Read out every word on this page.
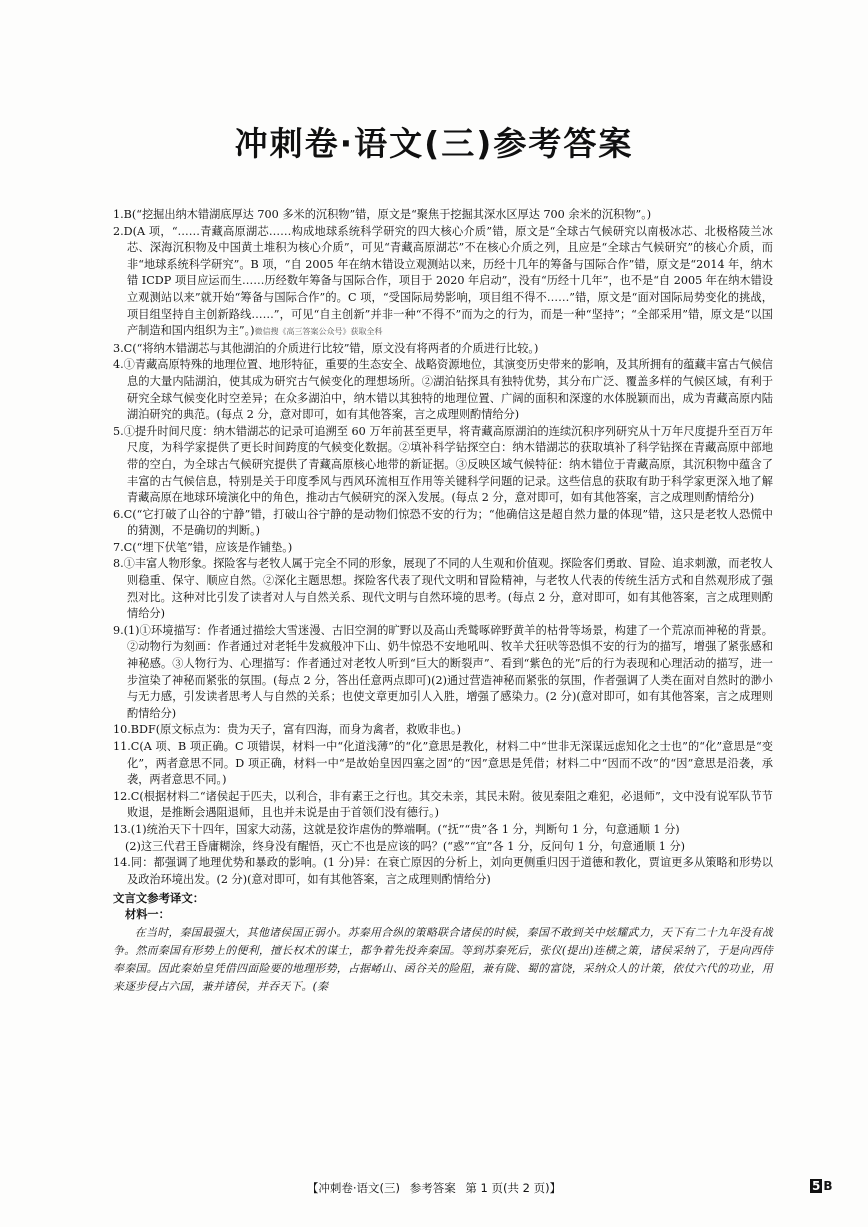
冲刺卷·语文(三)参考答案

1.B(“挖掘出纳木错湖底厚达 700 多米的沉积物”错，原文是“聚焦于挖掘其深水区厚达 700 余米的沉积物”。)

2.D(A 项，“……青藏高原湖芯……构成地球系统科学研究的四大核心介质”错，原文是“全球古气候研究以南极冰芯、北极格陵兰冰芯、深海沉积物及中国黄土堆积为核心介质”，可见“青藏高原湖芯”不在核心介质之列，且应是“全球古气候研究”的核心介质，而非“地球系统科学研究”。B 项，“自 2005 年在纳木错设立观测站以来，历经十几年的筹备与国际合作”错，原文是“2014 年，纳木错 ICDP 项目应运而生……历经数年筹备与国际合作，项目于 2020 年启动”，没有“历经十几年”，也不是“自 2005 年在纳木错设立观测站以来”就开始“筹备与国际合作”的。C 项，“受国际局势影响，项目组不得不……”错，原文是“面对国际局势变化的挑战，项目组坚持自主创新路线……”，可见“自主创新”并非一种“不得不”而为之的行为，而是一种“坚持”；“全部采用”错，原文是“以国产制造和国内组织为主”。)微信搜《高三答案公众号》获取全科

3.C(“将纳木错湖芯与其他湖泊的介质进行比较”错，原文没有将两者的介质进行比较。)

4.①青藏高原特殊的地理位置、地形特征，重要的生态安全、战略资源地位，其演变历史带来的影响，及其所拥有的蕴藏丰富古气候信息的大量内陆湖泊，使其成为研究古气候变化的理想场所。②湖泊钻探具有独特优势，其分布广泛、覆盖多样的气候区域，有利于研究全球气候变化时空差异；在众多湖泊中，纳木错以其独特的地理位置、广阔的面积和深邃的水体脱颖而出，成为青藏高原内陆湖泊研究的典范。(每点 2 分，意对即可，如有其他答案，言之成理则酌情给分)

5.①提升时间尺度：纳木错湖芯的记录可追溯至 60 万年前甚至更早，将青藏高原湖泊的连续沉积序列研究从十万年尺度提升至百万年尺度，为科学家提供了更长时间跨度的气候变化数据。②填补科学钻探空白：纳木错湖芯的获取填补了科学钻探在青藏高原中部地带的空白，为全球古气候研究提供了青藏高原核心地带的新证据。③反映区域气候特征：纳木错位于青藏高原，其沉积物中蕴含了丰富的古气候信息，特别是关于印度季风与西风环流相互作用等关键科学问题的记录。这些信息的获取有助于科学家更深入地了解青藏高原在地球环境演化中的角色，推动古气候研究的深入发展。(每点 2 分，意对即可，如有其他答案，言之成理则酌情给分)

6.C(“它打破了山谷的宁静”错，打破山谷宁静的是动物们惊恐不安的行为；“他确信这是超自然力量的体现”错，这只是老牧人恐慌中的猜测，不是确切的判断。)

7.C(“埋下伏笔”错，应该是作铺垫。)

8.①丰富人物形象。探险客与老牧人属于完全不同的形象，展现了不同的人生观和价值观。探险客们勇敢、冒险、追求刺激，而老牧人则稳重、保守、顺应自然。②深化主题思想。探险客代表了现代文明和冒险精神，与老牧人代表的传统生活方式和自然观形成了强烈对比。这种对比引发了读者对人与自然关系、现代文明与自然环境的思考。(每点 2 分，意对即可，如有其他答案，言之成理则酌情给分)

9.(1)①环境描写：作者通过描绘大雪迷漫、古旧空洞的旷野以及高山秃鹫啄碎野黄羊的枯骨等场景，构建了一个荒凉而神秘的背景。②动物行为刻画：作者通过对老牦牛发疯般冲下山、奶牛惊恐不安地吼叫、牧羊犬狂吠等恐惧不安的行为的描写，增强了紧张感和神秘感。③人物行为、心理描写：作者通过对老牧人听到“巨大的断裂声”、看到“紫色的光”后的行为表现和心理活动的描写，进一步渲染了神秘而紧张的氛围。(每点 2 分，答出任意两点即可)(2)通过营造神秘而紧张的氛围，作者强调了人类在面对自然时的渺小与无力感，引发读者思考人与自然的关系；也使文章更加引人入胜，增强了感染力。(2 分)(意对即可，如有其他答案，言之成理则酌情给分)

10.BDF(原文标点为：贵为天子，富有四海，而身为禽者，救败非也。)

11.C(A 项、B 项正确。C 项错误，材料一中“化道浅薄”的“化”意思是教化，材料二中“世非无深谋远虑知化之士也”的“化”意思是“变化”，两者意思不同。D 项正确，材料一中“是故始皇因四塞之固”的“因”意思是凭借；材料二中“因而不改”的“因”意思是沿袭，承袭，两者意思不同。)

12.C(根据材料二“诸侯起于匹夫，以利合，非有素王之行也。其交未亲，其民未附。彼见秦阻之难犯，必退师”，文中没有说军队节节败退，是推断会遇阻退师，且也并未说是由于首领们没有德行。)

13.(1)统治天下十四年，国家大动荡，这就是狡诈虐伪的弊端啊。(“抚”“贵”各 1 分，判断句 1 分，句意通顺 1 分)

(2)这三代君王昏庸糊涂，终身没有醒悟，灭亡不也是应该的吗？(“惑”“宜”各 1 分，反问句 1 分，句意通顺 1 分)

14.同：都强调了地理优势和暴政的影响。(1 分)异：在衰亡原因的分析上，刘向更侧重归因于道德和教化，贾谊更多从策略和形势以及政治环境出发。(2 分)(意对即可，如有其他答案，言之成理则酌情给分)

文言文参考译文：

材料一：

在当时，秦国最强大，其他诸侯国正弱小。苏秦用合纵的策略联合诸侯的时候，秦国不敢到关中炫耀武力，天下有二十九年没有战争。然而秦国有形势上的便利，擅长权术的谋士，都争着先投奔秦国。等到苏秦死后，张仪(提出)连横之策，诸侯采纳了，于是向西侍奉秦国。因此秦始皇凭借四面险要的地理形势，占据崤山、函谷关的险阻，兼有陇、蜀的富饶，采纳众人的计策，依仗六代的功业，用来逐步侵占六国，兼并诸侯，并吞天下。(秦

【冲刺卷·语文(三) 参考答案 第 1 页(共 2 页)】	5 B
